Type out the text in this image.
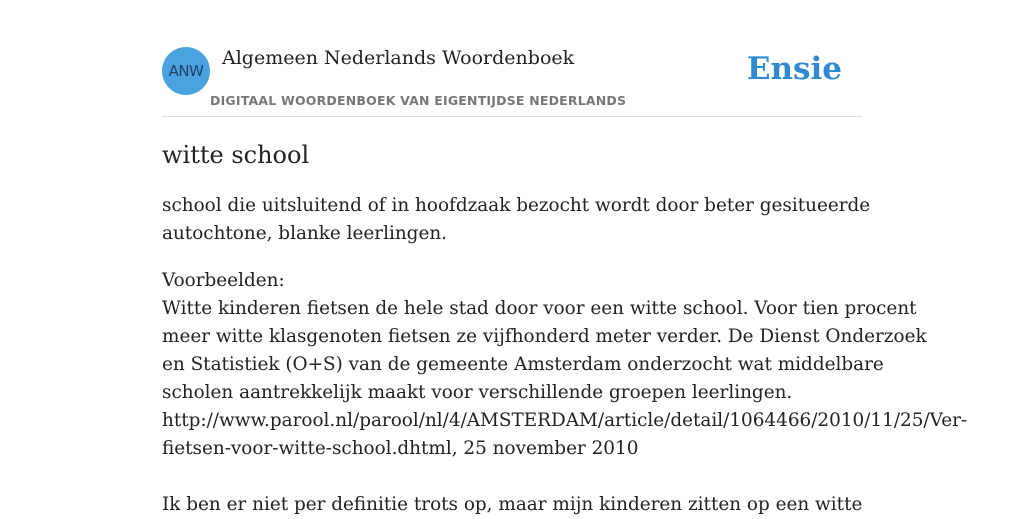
ANW
Algemeen Nederlands Woordenboek
DIGITAAL WOORDENBOEK VAN EIGENTIJDSE NEDERLANDS
Ensie
witte school
school die uitsluitend of in hoofdzaak bezocht wordt door beter gesitueerde
autochtone, blanke leerlingen.
Voorbeelden:
Witte kinderen fietsen de hele stad door voor een witte school. Voor tien procent
meer witte klasgenoten fietsen ze vijfhonderd meter verder. De Dienst Onderzoek
en Statistiek (O+S) van de gemeente Amsterdam onderzocht wat middelbare
scholen aantrekkelijk maakt voor verschillende groepen leerlingen.
http://www.parool.nl/parool/nl/4/AMSTERDAM/article/detail/1064466/2010/11/25/Ver-
fietsen-voor-witte-school.dhtml, 25 november 2010
Ik ben er niet per definitie trots op, maar mijn kinderen zitten op een witte
